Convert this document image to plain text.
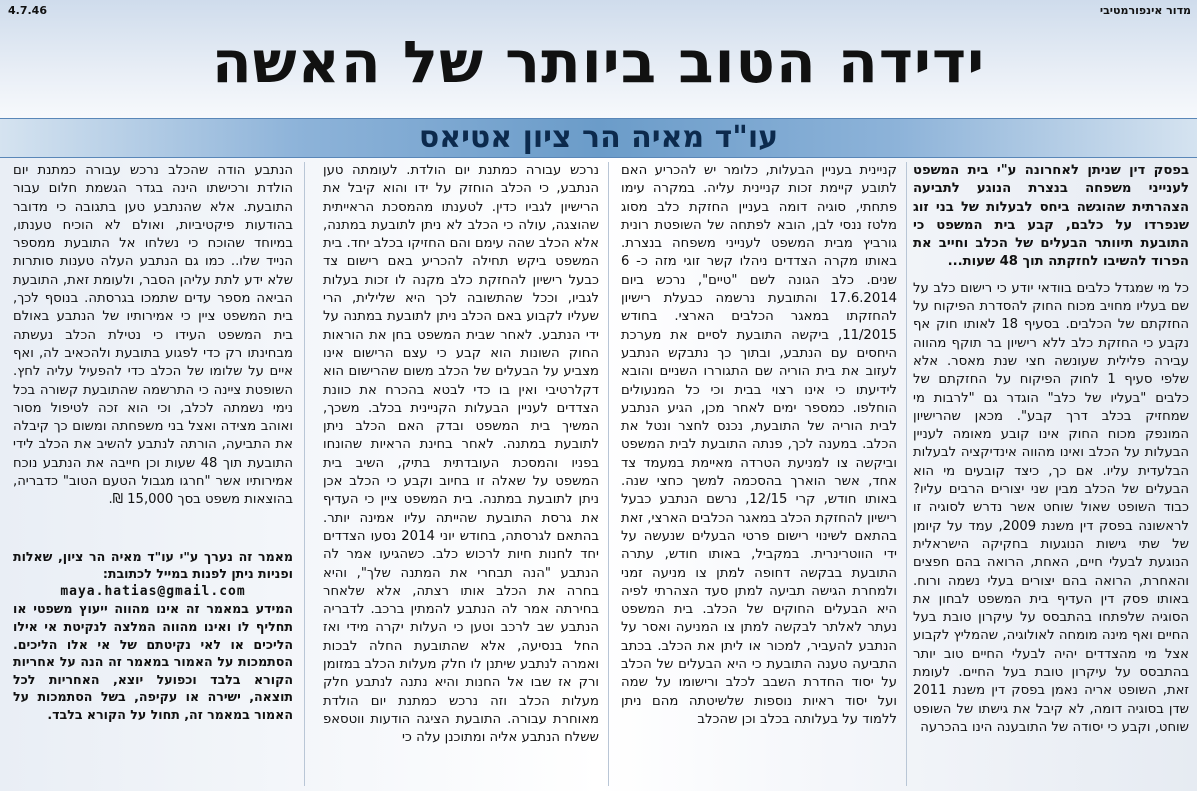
מדור אינפורמטיבי
4.7.46
ידידה הטוב ביותר של האשה
עו"ד מאיה הר ציון אטיאס
בפסק דין שניתן לאחרונה ע"י בית המשפט לענייני משפחה בנצרת הנוגע לתביעה הצהרתית שהוגשה ביחס לבעלות של בני זוג שנפרדו על כלבם, קבע בית המשפט כי התובעת תיוותר הבעלים של הכלב וחייב את הפרוד להשיבו לחזקתה תוך 48 שעות...
כל מי שמגדל כלבים בוודאי יודע כי רישום כלב על שם בעליו מחויב מכוח החוק להסדרת הפיקוח על החזקתם של הכלבים. בסעיף 18 לאותו חוק אף נקבע כי החזקת כלב ללא רישיון בר תוקף מהווה עבירה פלילית שעונשה חצי שנת מאסר. אלא שלפי סעיף 1 לחוק הפיקוח על החזקתם של כלבים "בעליו של כלב" הוגדר גם "לרבות מי שמחזיק בכלב דרך קבע". מכאן שהרישיון המונפק מכוח החוק אינו קובע מאומה לעניין הבעלות על הכלב ואינו מהווה אינדיקציה לבעלות הבלעדית עליו. אם כך, כיצד קובעים מי הוא הבעלים של הכלב מבין שני יצורים הרבים עליו? כבוד השופט שאול שוחט אשר נדרש לסוגיה זו לראשונה בפסק דין משנת 2009, עמד על קיומן של שתי גישות הנוגעות בחקיקה הישראלית הנוגעת לבעלי חיים, האחת, הרואה בהם חפצים והאחרת, הרואה בהם יצורים בעלי נשמה ורוח. באותו פסק דין העדיף בית המשפט לבחון את הסוגיה שלפתחו בהתבסס על עיקרון טובת בעל החיים ואף מינה מומחה לאולוגיה, שהמליץ לקבוע אצל מי מהצדדים יהיה לבעלי החיים טוב יותר בהתבסס על עיקרון טובת בעל החיים. לעומת זאת, השופט אריה נאמן בפסק דין משנת 2011 שדן בסוגיה דומה, לא קיבל את גישתו של השופט שוחט, וקבע כי יסודה של התובענה הינו בהכרעה
קניינית בעניין הבעלות, כלומר יש להכריע האם לתובע קיימת זכות קניינית עליה. במקרה עימו פתחתי, סוגיה דומה בעניין החזקת כלב מסוג מלטז ננסי לבן, הובא לפתחה של השופטת רונית גורביץ מבית המשפט לענייני משפחה בנצרת. באותו מקרה הצדדים ניהלו קשר זוגי מזה כ- 6 שנים. כלב הגונה לשם "טיים", נרכש ביום 17.6.2014 והתובעת נרשמה כבעלת רישיון להחזקתו במאגר הכלבים הארצי. בחודש 11/2015, ביקשה התובעת לסיים את מערכת היחסים עם הנתבע, ובתוך כך נתבקש הנתבע לעזוב את בית הוריה שם התגוררו השניים והובא לידיעתו כי אינו רצוי בבית וכי כל המנעולים הוחלפו. כמספר ימים לאחר מכן, הגיע הנתבע לבית הוריה של התובעת, נכנס לחצר ונטל את הכלב. במענה לכך, פנתה התובעת לבית המשפט וביקשה צו למניעת הטרדה מאיימת במעמד צד אחד, אשר הוארך בהסכמה למשך כחצי שנה. באותו חודש, קרי 12/15, נרשם הנתבע כבעל רישיון להחזקת הכלב במאגר הכלבים הארצי, זאת בהתאם לשינוי רישום פרטי הבעלים שנעשה על ידי הווטרינרית. במקביל, באותו חודש, עתרה התובעת בבקשה דחופה למתן צו מניעה זמני ולמחרת הגישה תביעה למתן סעד הצהרתי לפיה היא הבעלים החוקים של הכלב. בית המשפט נעתר לאלתר לבקשה למתן צו המניעה ואסר על הנתבע להעביר, למכור או ליתן את הכלב. בכתב התביעה טענה התובעת כי היא הבעלים של הכלב על יסוד החדרת השבב לכלב ורישומו על שמה ועל יסוד ראיות נוספות שלשיטתה מהם ניתן ללמוד על בעלותה בכלב וכן שהכלב
נרכש עבורה כמתנת יום הולדת. לעומתה טען הנתבע, כי הכלב הוחזק על ידו והוא קיבל את הרישיון לגביו כדין. לטענתו מהמסכת הראייתית שהוצגה, עולה כי הכלב לא ניתן לתובעת במתנה, אלא הכלב שהה עימם והם החזיקו בכלב יחד. בית המשפט ביקש תחילה להכריע באם רישום צד כבעל רישיון להחזקת כלב מקנה לו זכות בעלות לגביו, וככל שהתשובה לכך היא שלילית, הרי שעליו לקבוע באם הכלב ניתן לתובעת במתנה על ידי הנתבע. לאחר שבית המשפט בחן את הוראות החוק השונות הוא קבע כי עצם הרישום אינו מצביע על הבעלים של הכלב משום שהרישום הוא דקלרטיבי ואין בו כדי לבטא בהכרח את כוונת הצדדים לעניין הבעלות הקניינית בכלב. משכך, המשיך בית המשפט ובדק האם הכלב ניתן לתובעת במתנה. לאחר בחינת הראיות שהונחו בפניו והמסכת העובדתית בתיק, השיב בית המשפט על שאלה זו בחיוב וקבע כי הכלב אכן ניתן לתובעת במתנה. בית המשפט ציין כי העדיף את גרסת התובעת שהייתה עליו אמינה יותר. בהתאם לגרסתה, בחודש יוני 2014 נסעו הצדדים יחד לחנות חיות לרכוש כלב. כשהגיעו אמר לה הנתבע "הנה תבחרי את המתנה שלך", והיא בחרה את הכלב אותו רצתה, אלא שלאחר בחירתה אמר לה הנתבע להמתין ברכב. לדבריה הנתבע שב לרכב וטען כי העלות יקרה מידי ואז החל בנסיעה, אלא שהתובעת החלה לבכות ואמרה לנתבע שיתנן לו חלק מעלות הכלב במזומן ורק אז שבו אל החנות והיא נתנה לנתבע חלק מעלות הכלב וזה נרכש כמתנת יום הולדת מאוחרת עבורה. התובעת הציגה הודעות ווטסאפ ששלח הנתבע אליה ומתוכנן עלה כי
הנתבע הודה שהכלב נרכש עבורה כמתנת יום הולדת ורכישתו הינה בגדר הגשמת חלום עבור התובעת. אלא שהנתבע טען בתגובה כי מדובר בהודעות פיקטיביות, ואולם לא הוכיח טענתו, במיוחד שהוכח כי נשלחו אל התובעת ממספר הנייד שלו.. כמו גם הנתבע העלה טענות סותרות שלא ידע לתת עליהן הסבר, ולעומת זאת, התובעת הביאה מספר עדים שתמכו בגרסתה. בנוסף לכך, בית המשפט ציין כי אמירותיו של הנתבע באולם בית המשפט העידו כי נטילת הכלב נעשתה מבחינתו רק כדי לפגוע בתובעת ולהכאיב לה, ואף איים על שלומו של הכלב כדי להפעיל עליה לחץ. השופטת ציינה כי התרשמה שהתובעת קשורה בכל נימי נשמתה לכלב, וכי הוא זכה לטיפול מסור ואוהב מצידה ואצל בני משפחתה ומשום כך קיבלה את התביעה, הורתה לנתבע להשיב את הכלב לידי התובעת תוך 48 שעות וכן חייבה את הנתבע נוכח אמירותיו אשר "חרגו מגבול הטעם הטוב" כדבריה, בהוצאות משפט בסך 15,000 ₪.
מאמר זה נערך ע"י עו"ד מאיה הר ציון, שאלות ופניות ניתן לפנות במייל לכתובת:
maya.hatias@gmail.com
המידע במאמר זה אינו מהווה ייעוץ משפטי או תחליף לו ואינו מהווה המלצה לנקיטת אי אילו הליכים או לאי נקיטתם של אי אלו הליכים. הסתמכות על האמור במאמר זה הנה על אחריות הקורא בלבד וכפועל יוצא, האחריות לכל תוצאה, ישירה או עקיפה, בשל הסתמכות על האמור במאמר זה, תחול על הקורא בלבד.
